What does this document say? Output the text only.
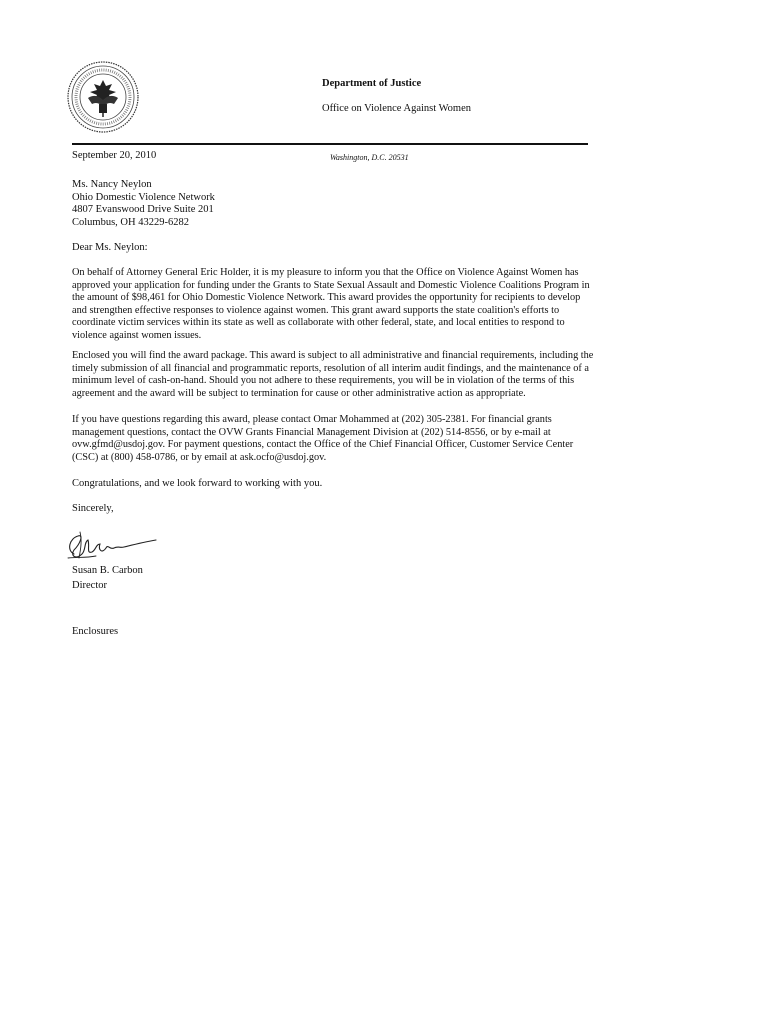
Department of Justice
Office on Violence Against Women
September 20, 2010	Washington, D.C. 20531
Ms. Nancy Neylon
Ohio Domestic Violence Network
4807 Evanswood Drive Suite 201
Columbus, OH 43229-6282
Dear Ms. Neylon:
On behalf of Attorney General Eric Holder, it is my pleasure to inform you that the Office on Violence Against Women has
approved your application for funding under the Grants to State Sexual Assault and Domestic Violence Coalitions Program in
the amount of $98,461 for Ohio Domestic Violence Network. This award provides the opportunity for recipients to develop
and strengthen effective responses to violence against women. This grant award supports the state coalition's efforts to
coordinate victim services within its state as well as collaborate with other federal, state, and local entities to respond to
violence against women issues.
Enclosed you will find the award package. This award is subject to all administrative and financial requirements, including the
timely submission of all financial and programmatic reports, resolution of all interim audit findings, and the maintenance of a
minimum level of cash-on-hand. Should you not adhere to these requirements, you will be in violation of the terms of this
agreement and the award will be subject to termination for cause or other administrative action as appropriate.
If you have questions regarding this award, please contact Omar Mohammed at (202) 305-2381. For financial grants
management questions, contact the OVW Grants Financial Management Division at (202) 514-8556, or by e-mail at
ovw.gfmd@usdoj.gov. For payment questions, contact the Office of the Chief Financial Officer, Customer Service Center
(CSC) at (800) 458-0786, or by email at ask.ocfo@usdoj.gov.
Congratulations, and we look forward to working with you.
Sincerely,
Susan B. Carbon
Director
Enclosures
